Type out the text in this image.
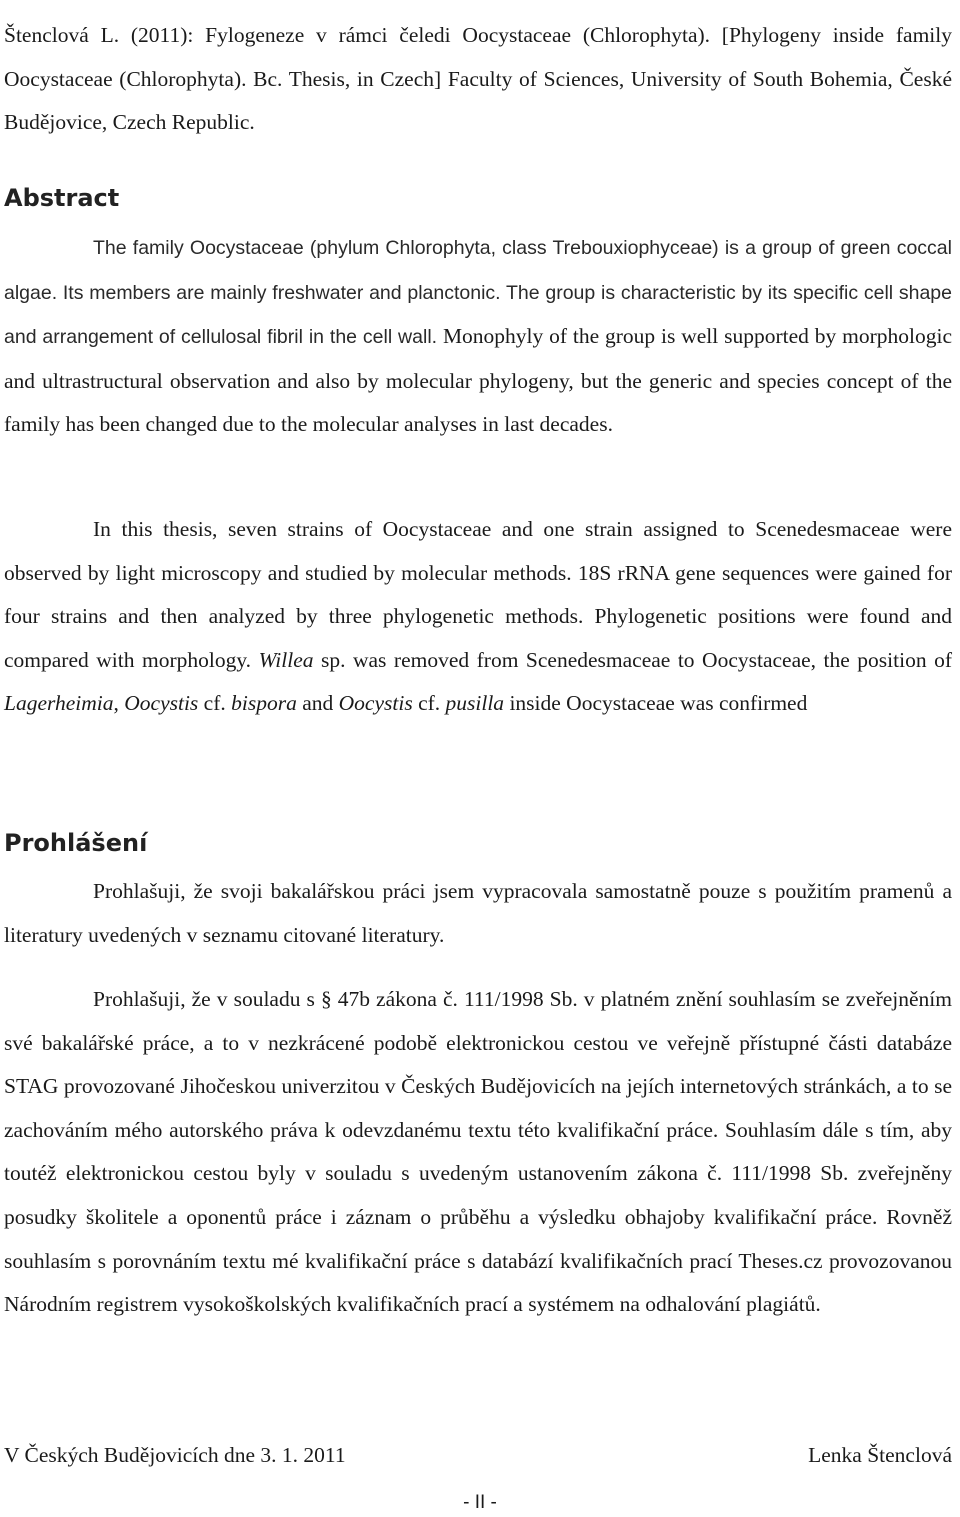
Štenclová L. (2011): Fylogeneze v rámci čeledi Oocystaceae (Chlorophyta). [Phylogeny inside family Oocystaceae (Chlorophyta). Bc. Thesis, in Czech] Faculty of Sciences, University of South Bohemia, České Budějovice, Czech Republic.

Abstract

The family Oocystaceae (phylum Chlorophyta, class Trebouxiophyceae) is a group of green coccal algae. Its members are mainly freshwater and planctonic. The group is characteristic by its specific cell shape and arrangement of cellulosal fibril in the cell wall. Monophyly of the group is well supported by morphologic and ultrastructural observation and also by molecular phylogeny, but the generic and species concept of the family has been changed due to the molecular analyses in last decades.

In this thesis, seven strains of Oocystaceae and one strain assigned to Scenedesmaceae were observed by light microscopy and studied by molecular methods. 18S rRNA gene sequences were gained for four strains and then analyzed by three phylogenetic methods. Phylogenetic positions were found and compared with morphology. Willea sp. was removed from Scenedesmaceae to Oocystaceae, the position of Lagerheimia, Oocystis cf. bispora and Oocystis cf. pusilla inside Oocystaceae was confirmed

Prohlášení

Prohlašuji, že svoji bakalářskou práci jsem vypracovala samostatně pouze s použitím pramenů a literatury uvedených v seznamu citované literatury.

Prohlašuji, že v souladu s § 47b zákona č. 111/1998 Sb. v platném znění souhlasím se zveřejněním své bakalářské práce, a to v nezkrácené podobě elektronickou cestou ve veřejně přístupné části databáze STAG provozované Jihočeskou univerzitou v Českých Budějovicích na jejích internetových stránkách, a to se zachováním mého autorského práva k odevzdanému textu této kvalifikační práce. Souhlasím dále s tím, aby toutéž elektronickou cestou byly v souladu s uvedeným ustanovením zákona č. 111/1998 Sb. zveřejněny posudky školitele a oponentů práce i záznam o průběhu a výsledku obhajoby kvalifikační práce. Rovněž souhlasím s porovnáním textu mé kvalifikační práce s databází kvalifikačních prací Theses.cz provozovanou Národním registrem vysokoškolských kvalifikačních prací a systémem na odhalování plagiátů.

V Českých Budějovicích dne 3. 1. 2011	Lenka Štenclová
- II -
